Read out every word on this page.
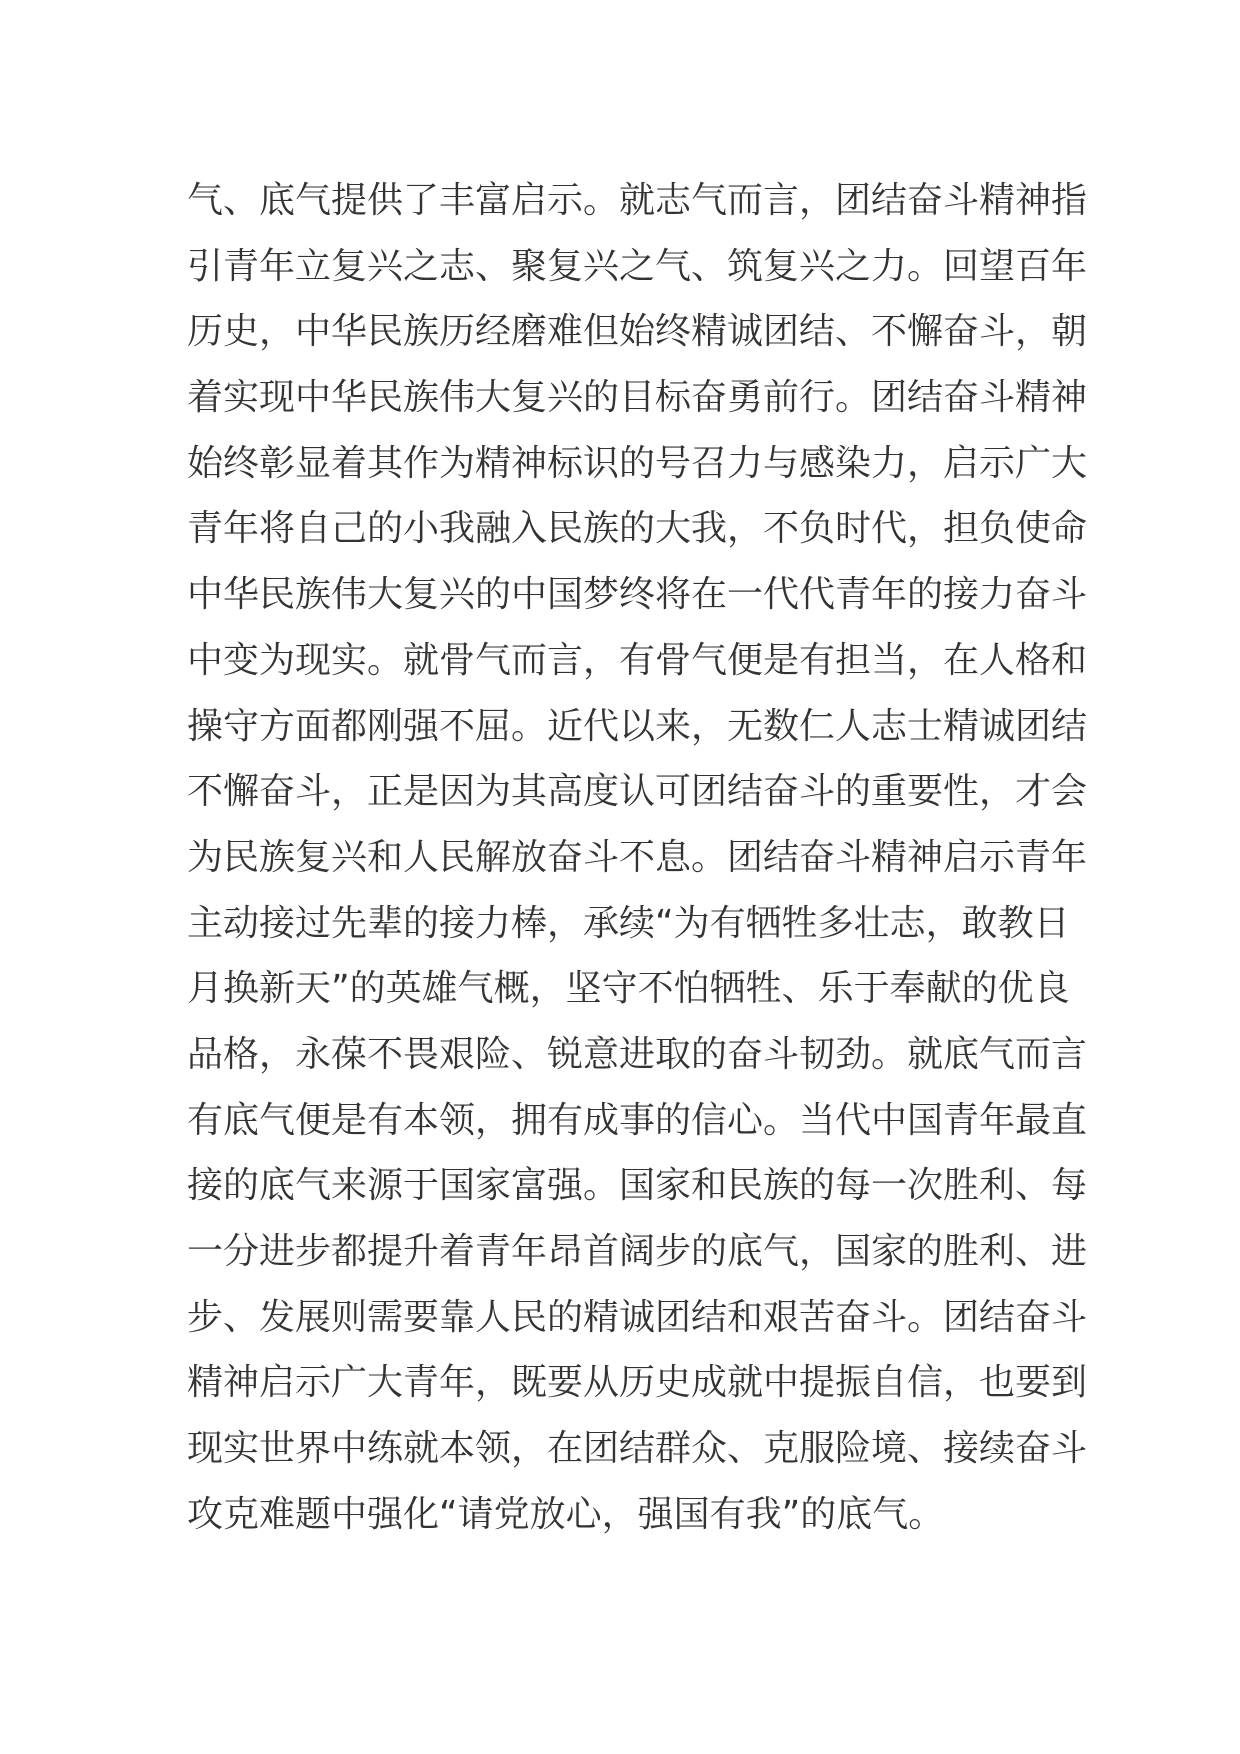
气、底气提供了丰富启示。就志气而言，团结奋斗精神指
引青年立复兴之志、聚复兴之气、筑复兴之力。回望百年
历史，中华民族历经磨难但始终精诚团结、不懈奋斗，朝
着实现中华民族伟大复兴的目标奋勇前行。团结奋斗精神
始终彰显着其作为精神标识的号召力与感染力，启示广大
青年将自己的小我融入民族的大我，不负时代，担负使命
中华民族伟大复兴的中国梦终将在一代代青年的接力奋斗
中变为现实。就骨气而言，有骨气便是有担当，在人格和
操守方面都刚强不屈。近代以来，无数仁人志士精诚团结
不懈奋斗，正是因为其高度认可团结奋斗的重要性，才会
为民族复兴和人民解放奋斗不息。团结奋斗精神启示青年
主动接过先辈的接力棒，承续“为有牺牲多壮志，敢教日
月换新天”的英雄气概，坚守不怕牺牲、乐于奉献的优良
品格，永葆不畏艰险、锐意进取的奋斗韧劲。就底气而言
有底气便是有本领，拥有成事的信心。当代中国青年最直
接的底气来源于国家富强。国家和民族的每一次胜利、每
一分进步都提升着青年昂首阔步的底气，国家的胜利、进
步、发展则需要靠人民的精诚团结和艰苦奋斗。团结奋斗
精神启示广大青年，既要从历史成就中提振自信，也要到
现实世界中练就本领，在团结群众、克服险境、接续奋斗
攻克难题中强化“请党放心，强国有我”的底气。
